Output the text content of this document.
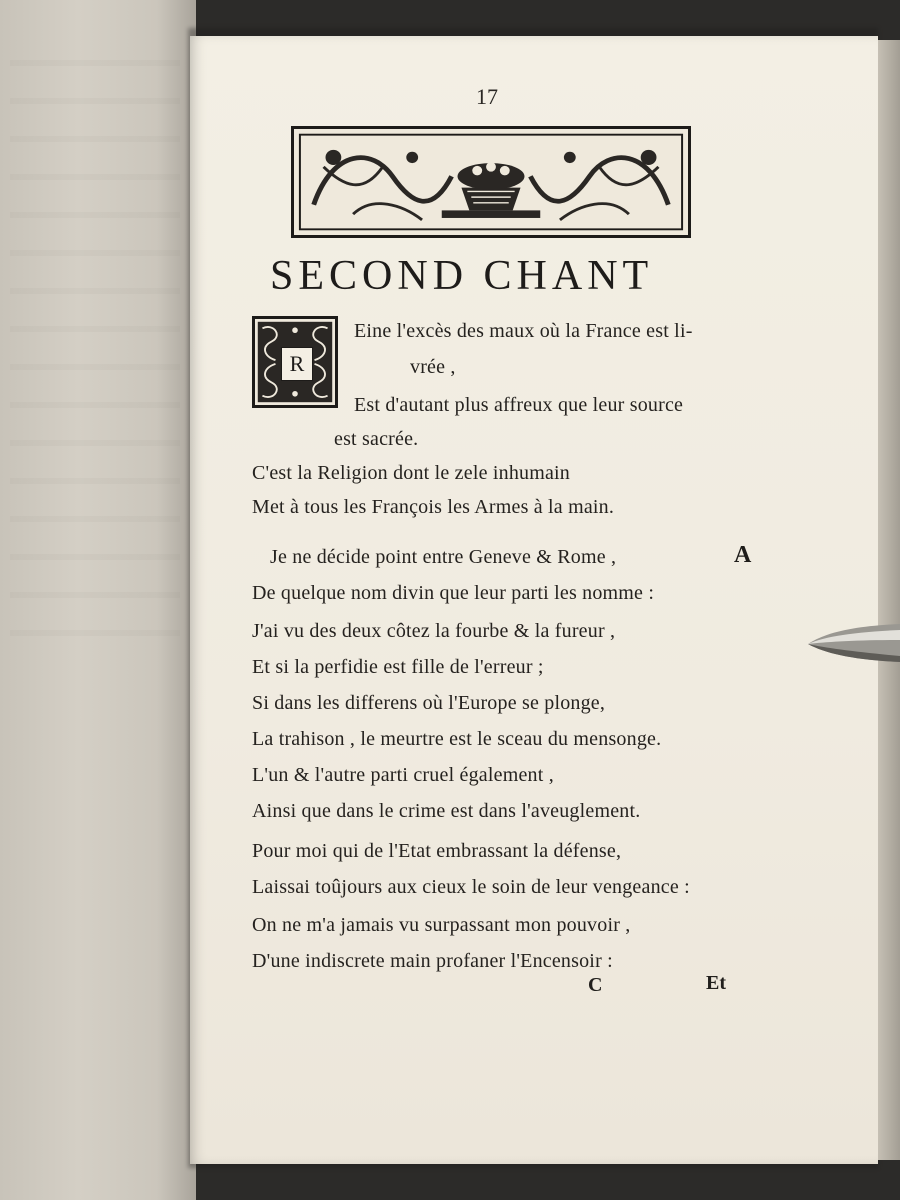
17
SECOND CHANT
R
Eine l'excès des maux où la France est li-
vrée ,
Est d'autant plus affreux que leur source
est sacrée.
C'est la Religion dont le zele inhumain
Met à tous les François les Armes à la main.
Je ne décide point entre Geneve & Rome ,
De quelque nom divin que leur parti les nomme :
J'ai vu des deux côtez la fourbe & la fureur ,
Et si la perfidie est fille de l'erreur ;
Si dans les differens où l'Europe se plonge,
La trahison , le meurtre est le sceau du mensonge.
L'un & l'autre parti cruel également ,
Ainsi que dans le crime est dans l'aveuglement.
Pour moi qui de l'Etat embrassant la défense,
Laissai toûjours aux cieux le soin de leur vengeance :
On ne m'a jamais vu surpassant mon pouvoir ,
D'une indiscrete main profaner l'Encensoir :
A
C	Et
